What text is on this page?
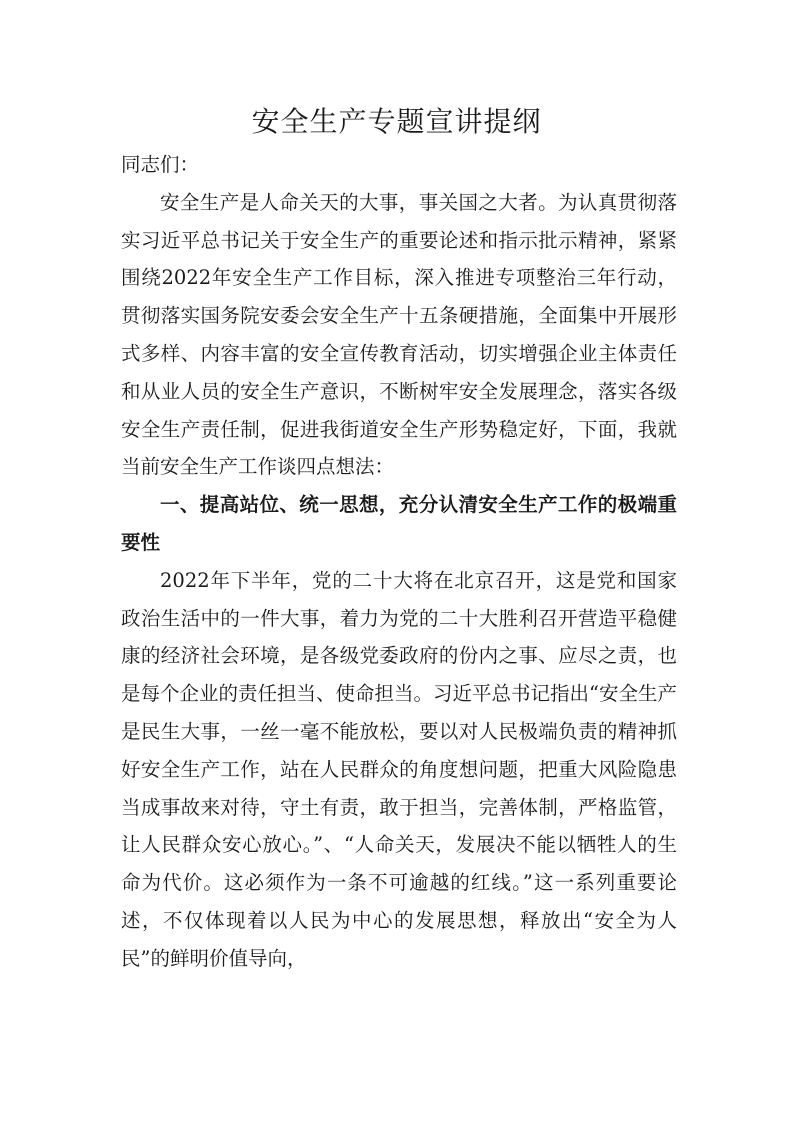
安全生产专题宣讲提纲

同志们：

安全生产是人命关天的大事，事关国之大者。为认真贯彻落实习近平总书记关于安全生产的重要论述和指示批示精神，紧紧围绕2022年安全生产工作目标，深入推进专项整治三年行动，贯彻落实国务院安委会安全生产十五条硬措施，全面集中开展形式多样、内容丰富的安全宣传教育活动，切实增强企业主体责任和从业人员的安全生产意识，不断树牢安全发展理念，落实各级安全生产责任制，促进我街道安全生产形势稳定好，下面，我就当前安全生产工作谈四点想法：

一、提高站位、统一思想，充分认清安全生产工作的极端重要性

2022年下半年，党的二十大将在北京召开，这是党和国家政治生活中的一件大事，着力为党的二十大胜利召开营造平稳健康的经济社会环境，是各级党委政府的份内之事、应尽之责，也是每个企业的责任担当、使命担当。习近平总书记指出“安全生产是民生大事，一丝一毫不能放松，要以对人民极端负责的精神抓好安全生产工作，站在人民群众的角度想问题，把重大风险隐患当成事故来对待，守土有责，敢于担当，完善体制，严格监管，让人民群众安心放心。”、“人命关天，发展决不能以牺牲人的生命为代价。这必须作为一条不可逾越的红线。”这一系列重要论述，不仅体现着以人民为中心的发展思想，释放出“安全为人民”的鲜明价值导向，
